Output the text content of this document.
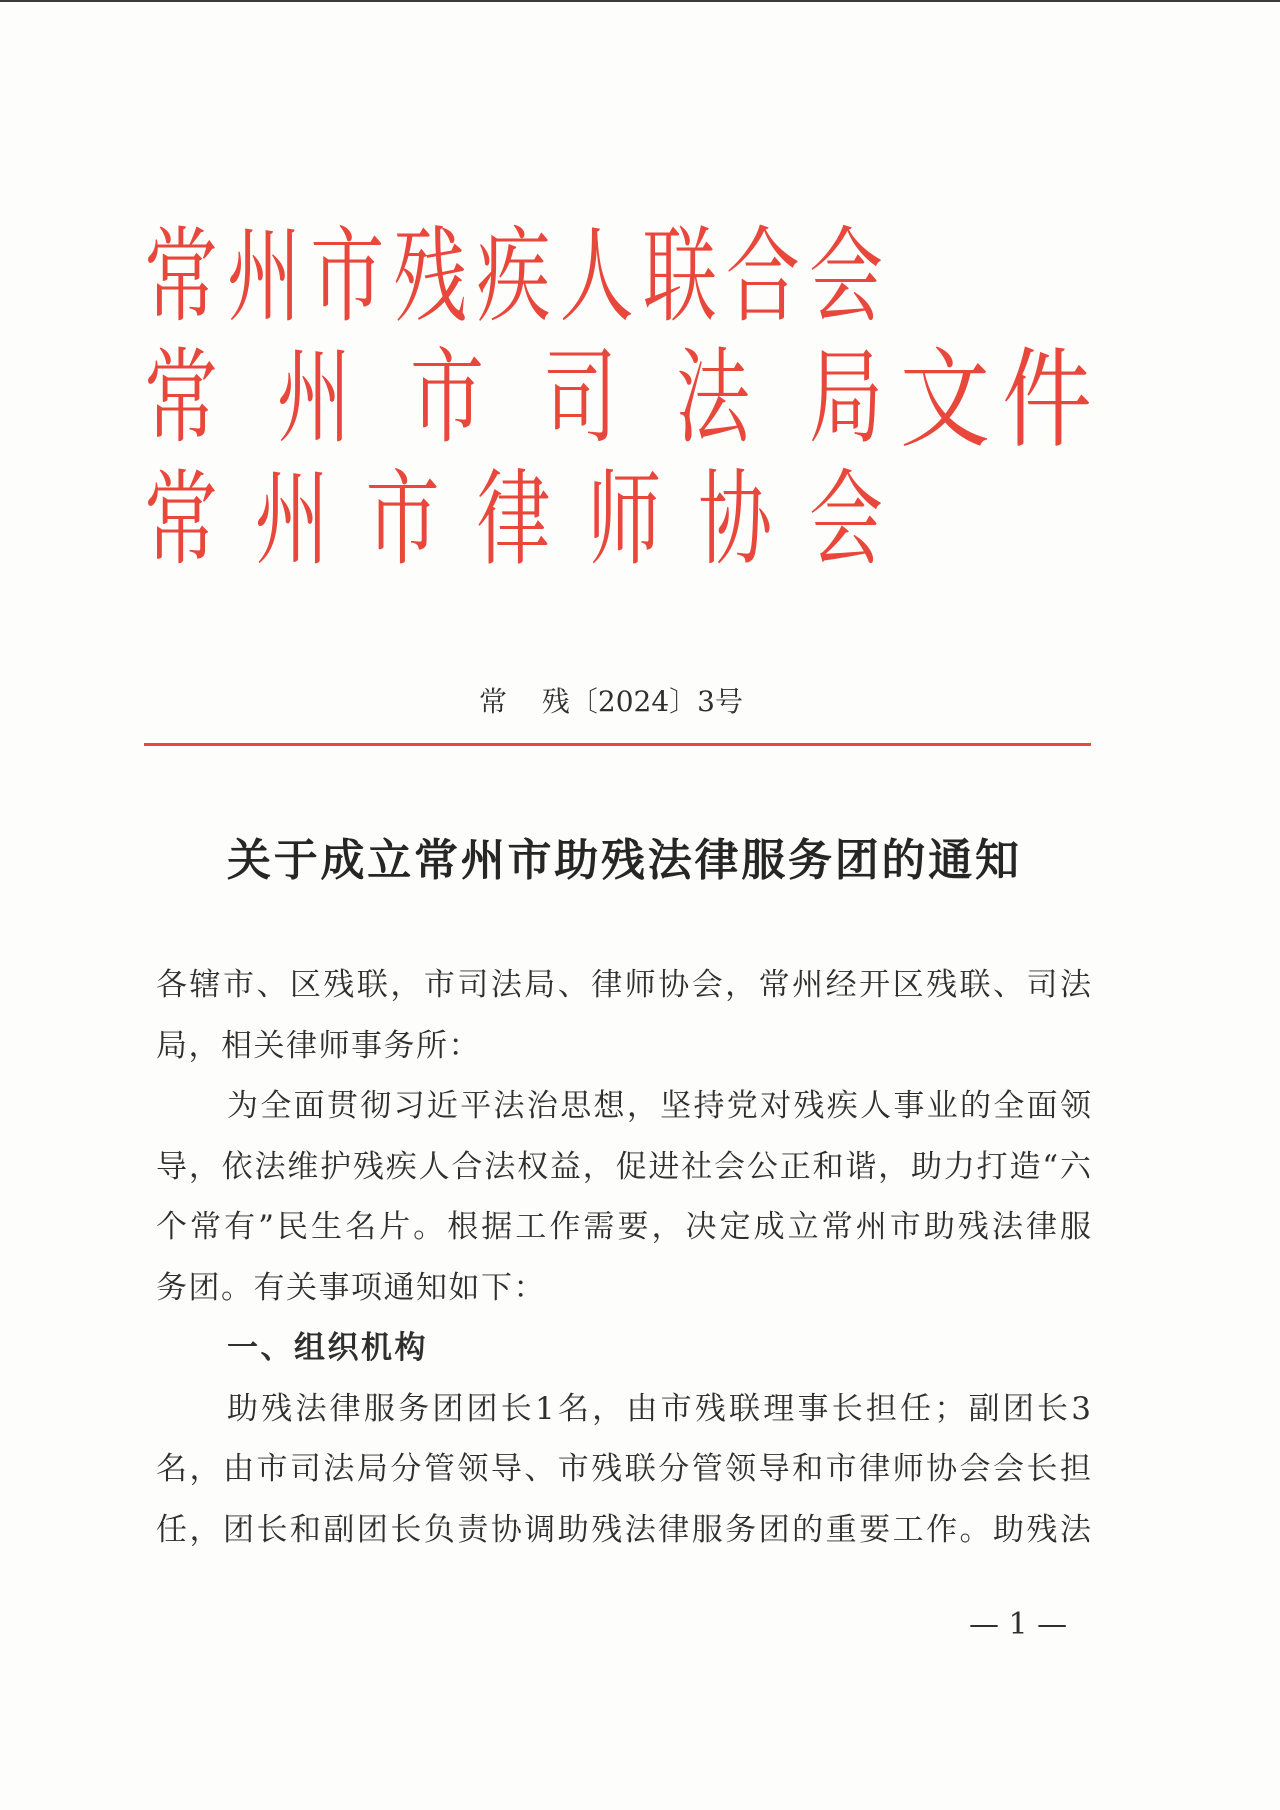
常州市残疾人联合会
常州市司法局
常州市律师协会
文件
常 残〔2024〕3号
关于成立常州市助残法律服务团的通知
各辖市、区残联，市司法局、律师协会，常州经开区残联、司法
局，相关律师事务所：
为全面贯彻习近平法治思想，坚持党对残疾人事业的全面领
导，依法维护残疾人合法权益，促进社会公正和谐，助力打造“六
个常有”民生名片。根据工作需要，决定成立常州市助残法律服
务团。有关事项通知如下：
一、组织机构
助残法律服务团团长1名，由市残联理事长担任；副团长3
名，由市司法局分管领导、市残联分管领导和市律师协会会长担
任，团长和副团长负责协调助残法律服务团的重要工作。助残法
— 1 —
